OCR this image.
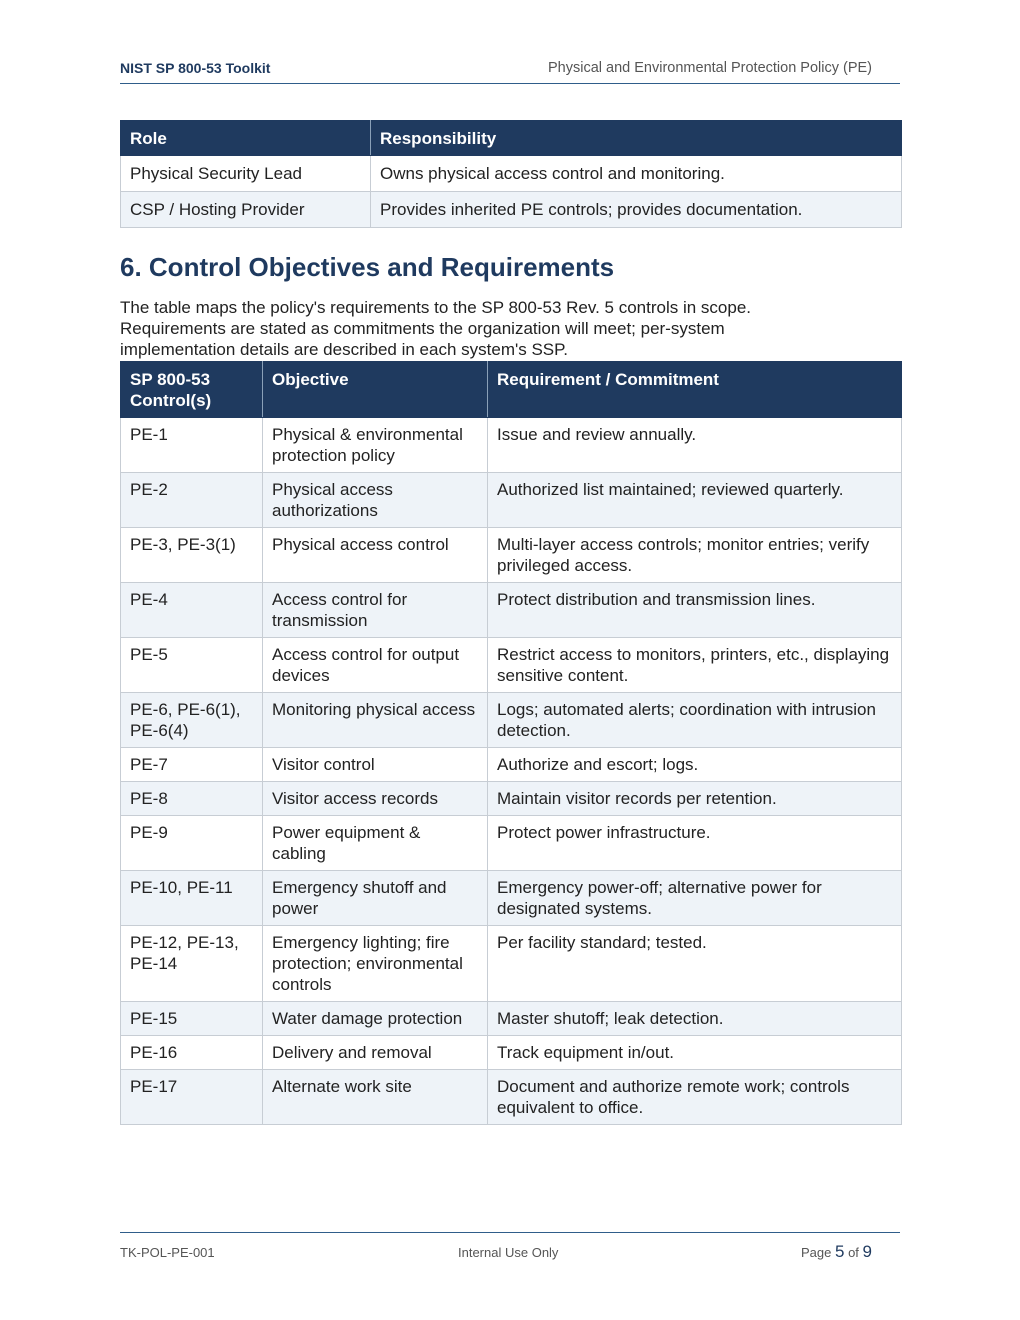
NIST SP 800-53 Toolkit	Physical and Environmental Protection Policy (PE)
Role	Responsibility
Physical Security Lead	Owns physical access control and monitoring.
CSP / Hosting Provider	Provides inherited PE controls; provides documentation.
6. Control Objectives and Requirements

The table maps the policy's requirements to the SP 800-53 Rev. 5 controls in scope. Requirements are stated as commitments the organization will meet; per-system implementation details are described in each system's SSP.

SP 800-53 Control(s)	Objective	Requirement / Commitment
PE-1	Physical & environmental protection policy	Issue and review annually.
PE-2	Physical access authorizations	Authorized list maintained; reviewed quarterly.
PE-3, PE-3(1)	Physical access control	Multi-layer access controls; monitor entries; verify privileged access.
PE-4	Access control for transmission	Protect distribution and transmission lines.
PE-5	Access control for output devices	Restrict access to monitors, printers, etc., displaying sensitive content.
PE-6, PE-6(1), PE-6(4)	Monitoring physical access	Logs; automated alerts; coordination with intrusion detection.
PE-7	Visitor control	Authorize and escort; logs.
PE-8	Visitor access records	Maintain visitor records per retention.
PE-9	Power equipment & cabling	Protect power infrastructure.
PE-10, PE-11	Emergency shutoff and power	Emergency power-off; alternative power for designated systems.
PE-12, PE-13, PE-14	Emergency lighting; fire protection; environmental controls	Per facility standard; tested.
PE-15	Water damage protection	Master shutoff; leak detection.
PE-16	Delivery and removal	Track equipment in/out.
PE-17	Alternate work site	Document and authorize remote work; controls equivalent to office.
TK-POL-PE-001	Internal Use Only	Page 5 of 9
